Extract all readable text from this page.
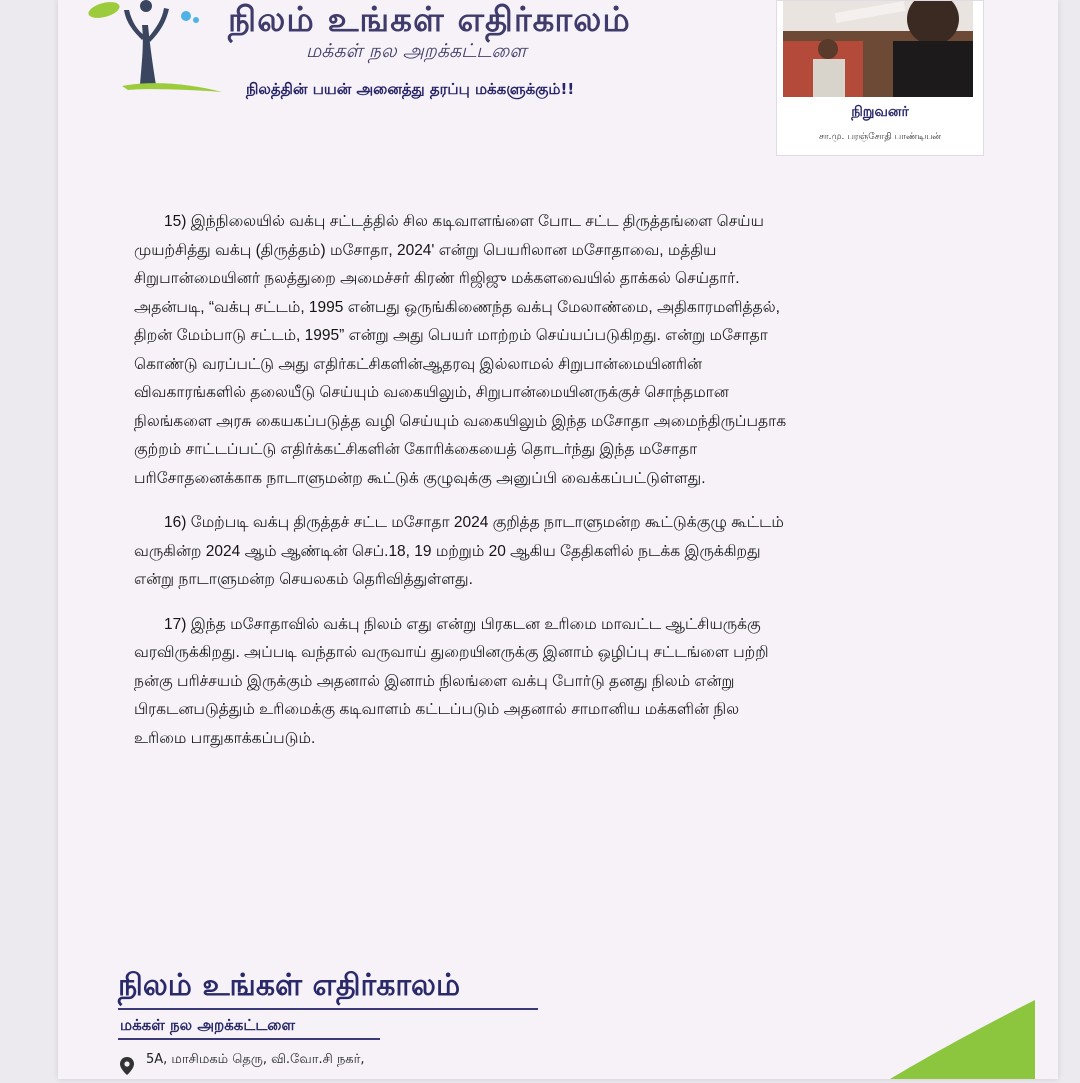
நிலம் உங்கள் எதிர்காலம்

மக்கள் நல அறக்கட்டளை

நிலத்தின் பயன் அனைத்து தரப்பு மக்களுக்கும்!!

நிறுவனர்

சா.மு. பரஞ்சோதி பாண்டியன்

15) இந்நிலையில் வக்பு சட்டத்தில் சில கடிவாளங்ளை போட சட்ட திருத்தங்ளை செய்ய
முயற்சித்து வக்பு (திருத்தம்) மசோதா, 2024' என்று பெயரிலான மசோதாவை, மத்திய
சிறுபான்மையினர் நலத்துறை அமைச்சர் கிரண் ரிஜிஜு மக்களவையில் தாக்கல் செய்தார்.
அதன்படி, “வக்பு சட்டம், 1995 என்பது ஒருங்கிணைந்த வக்பு மேலாண்மை, அதிகாரமளித்தல்,
திறன் மேம்பாடு சட்டம், 1995” என்று அது பெயர் மாற்றம் செய்யப்படுகிறது. என்று மசோதா
கொண்டு வரப்பட்டு அது எதிர்கட்சிகளின்ஆதரவு இல்லாமல் சிறுபான்மையினரின்
விவகாரங்களில் தலையீடு செய்யும் வகையிலும், சிறுபான்மையினருக்குச் சொந்தமான
நிலங்களை அரசு கையகப்படுத்த வழி செய்யும் வகையிலும் இந்த மசோதா அமைந்திருப்பதாக
குற்றம் சாட்டப்பட்டு எதிர்க்கட்சிகளின் கோரிக்கையைத் தொடர்ந்து இந்த மசோதா
பரிசோதனைக்காக நாடாளுமன்ற கூட்டுக் குழுவுக்கு அனுப்பி வைக்கப்பட்டுள்ளது.

16) மேற்படி வக்பு திருத்தச் சட்ட மசோதா 2024 குறித்த நாடாளுமன்ற கூட்டுக்குழு கூட்டம்
வருகின்ற 2024 ஆம் ஆண்டின் செப்.18, 19 மற்றும் 20 ஆகிய தேதிகளில் நடக்க இருக்கிறது
என்று நாடாளுமன்ற செயலகம் தெரிவித்துள்ளது.

17) இந்த மசோதாவில் வக்பு நிலம் எது என்று பிரகடன உரிமை மாவட்ட ஆட்சியருக்கு
வரவிருக்கிறது. அப்படி வந்தால் வருவாய் துறையினருக்கு இனாம் ஒழிப்பு சட்டங்ளை பற்றி
நன்கு பரிச்சயம் இருக்கும் அதனால் இனாம் நிலங்ளை வக்பு போர்டு தனது நிலம் என்று
பிரகடனபடுத்தும் உரிமைக்கு கடிவாளம் கட்டப்படும் அதனால் சாமானிய மக்களின் நில
உரிமை பாதுகாக்கப்படும்.

நிலம் உங்கள் எதிர்காலம்

மக்கள் நல அறக்கட்டளை

5A, மாசிமகம் தெரு, வி.வோ.சி நகர்,
